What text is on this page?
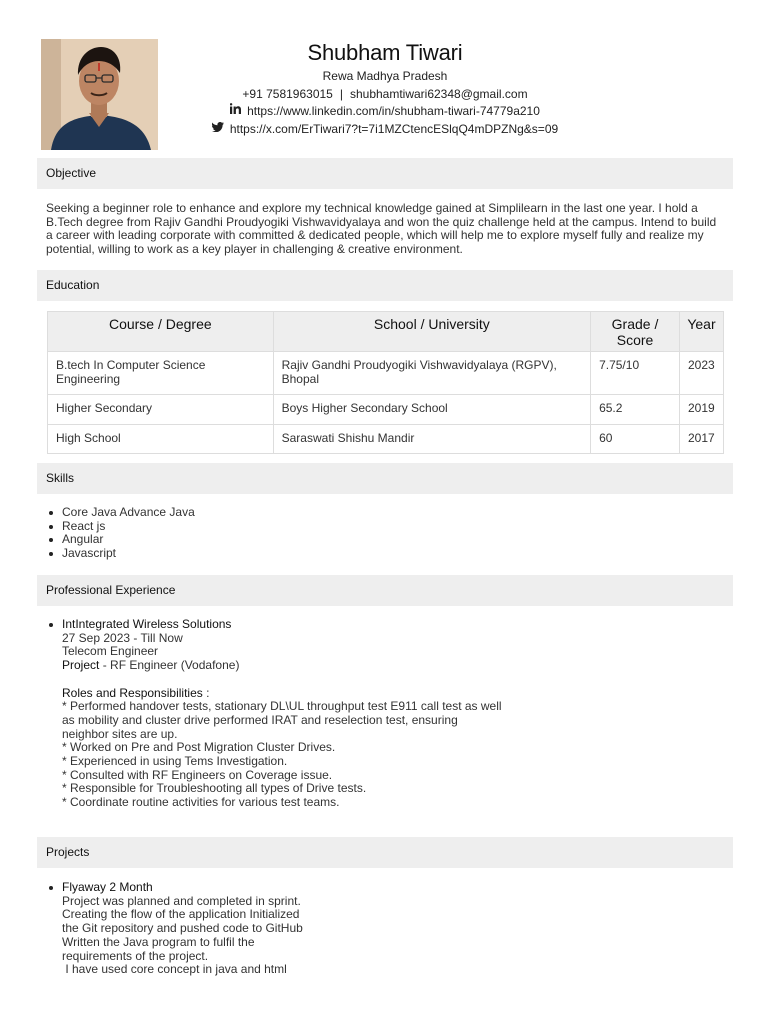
Shubham Tiwari
Rewa Madhya Pradesh
+91 7581963015 | shubhamtiwari62348@gmail.com
https://www.linkedin.com/in/shubham-tiwari-74779a210
https://x.com/ErTiwari7?t=7i1MZCtencESlqQ4mDPZNg&s=09
Objective
Seeking a beginner role to enhance and explore my technical knowledge gained at Simplilearn in the last one year. I hold a B.Tech degree from Rajiv Gandhi Proudyogiki Vishwavidyalaya and won the quiz challenge held at the campus. Intend to build a career with leading corporate with committed & dedicated people, which will help me to explore myself fully and realize my potential, willing to work as a key player in challenging & creative environment.
Education
Course / Degree	School / University	Grade / Score	Year
B.tech In Computer Science Engineering	Rajiv Gandhi Proudyogiki Vishwavidyalaya (RGPV), Bhopal	7.75/10	2023
Higher Secondary	Boys Higher Secondary School	65.2	2019
High School	Saraswati Shishu Mandir	60	2017
Skills
Core Java Advance Java
React js
Angular
Javascript
Professional Experience
IntIntegrated Wireless Solutions
27 Sep 2023 - Till Now
Telecom Engineer
Project - RF Engineer (Vodafone)
Roles and Responsibilities :
* Performed handover tests, stationary DL\UL throughput test E911 call test as well
as mobility and cluster drive performed IRAT and reselection test, ensuring
neighbor sites are up.
* Worked on Pre and Post Migration Cluster Drives.
* Experienced in using Tems Investigation.
* Consulted with RF Engineers on Coverage issue.
* Responsible for Troubleshooting all types of Drive tests.
* Coordinate routine activities for various test teams.
Projects
Flyaway 2 Month
Project was planned and completed in sprint.
Creating the flow of the application Initialized
the Git repository and pushed code to GitHub
Written the Java program to fulfil the
requirements of the project.
I have used core concept in java and html
